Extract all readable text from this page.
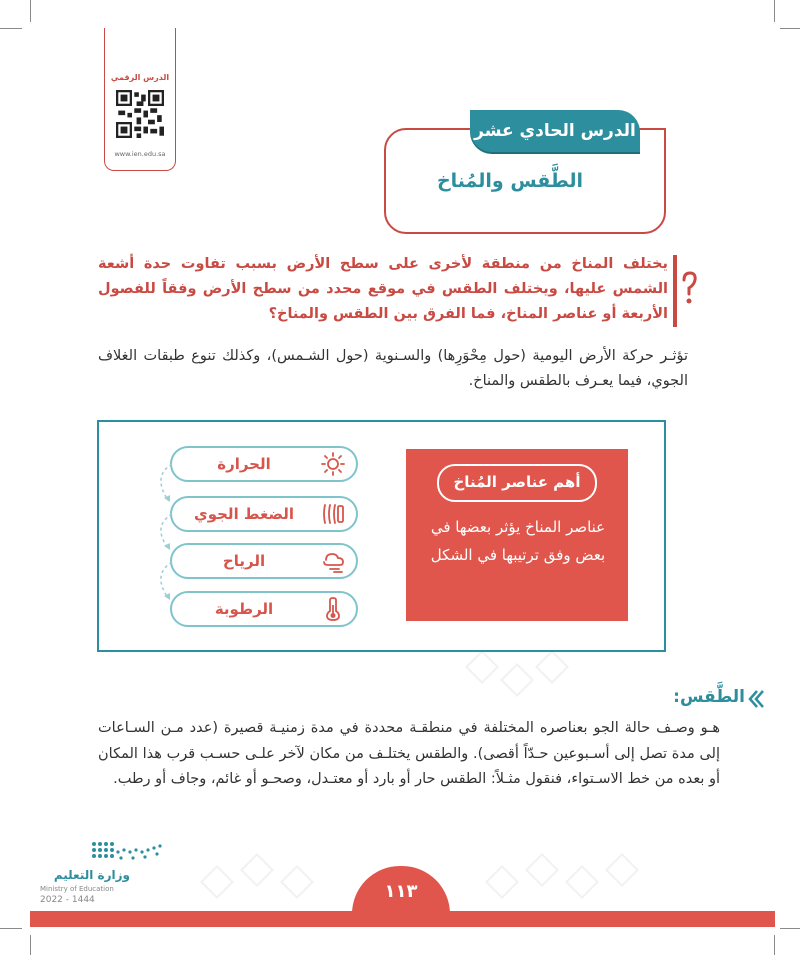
الدرس الرقمي
www.ien.edu.sa
الدرس الحادي عشر
الطَّقس والمُناخ
يختلف المناخ من منطقة لأخرى على سطح الأرض بسبب تفاوت حدة أشعة الشمس عليها، ويختلف الطقس في موقع محدد من سطح الأرض وفقاً للفصول الأربعة أو عناصر المناخ، فما الفرق بين الطقس والمناخ؟
تؤثـر حركة الأرض اليومية (حول مِحْوَرِها) والسـنوية (حول الشـمس)، وكذلك تنوع طبقات الغلاف الجوي، فيما يعـرف بالطقس والمناخ.
أهم عناصر المُناخ
عناصر المناخ يؤثر بعضها في بعض وفق ترتيبها في الشكل
الحرارة
الضغط الجوي
الرياح
الرطوبة
الطَّقس:
هـو وصـف حالة الجو بعناصره المختلفة في منطقـة محددة في مدة زمنيـة قصيرة (عدد مـن السـاعات إلى مدة تصل إلى أسـبوعين حـدّاً أقصى). والطقس يختلـف من مكان لآخر علـى حسـب قرب هذا المكان أو بعده من خط الاسـتواء، فنقول مثـلاً: الطقس حار أو بارد أو معتـدل، وصحـو أو غائم، وجاف أو رطب.
وزارة التعليم
Ministry of Education
2022 - 1444	١١٣
